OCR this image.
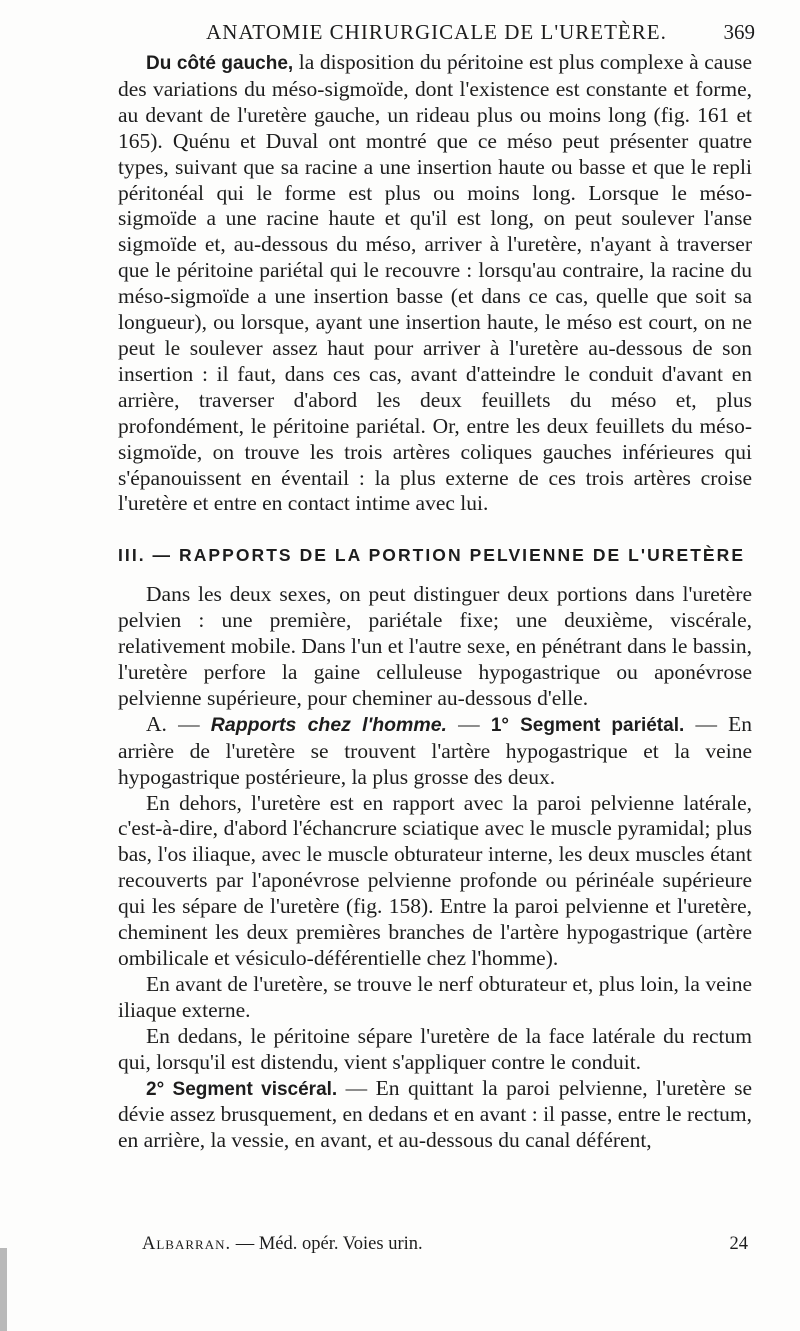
ANATOMIE CHIRURGICALE DE L'URETÈRE.	369

Du côté gauche, la disposition du péritoine est plus complexe à cause des variations du méso-sigmoïde, dont l'existence est constante et forme, au devant de l'uretère gauche, un rideau plus ou moins long (fig. 161 et 165). Quénu et Duval ont montré que ce méso peut présenter quatre types, suivant que sa racine a une insertion haute ou basse et que le repli péritonéal qui le forme est plus ou moins long. Lorsque le méso-sigmoïde a une racine haute et qu'il est long, on peut soulever l'anse sigmoïde et, au-dessous du méso, arriver à l'uretère, n'ayant à traverser que le péritoine pariétal qui le recouvre : lorsqu'au contraire, la racine du méso-sigmoïde a une insertion basse (et dans ce cas, quelle que soit sa longueur), ou lorsque, ayant une insertion haute, le méso est court, on ne peut le soulever assez haut pour arriver à l'uretère au-dessous de son insertion : il faut, dans ces cas, avant d'atteindre le conduit d'avant en arrière, traverser d'abord les deux feuillets du méso et, plus profondément, le péritoine pariétal. Or, entre les deux feuillets du méso-sigmoïde, on trouve les trois artères coliques gauches inférieures qui s'épanouissent en éventail : la plus externe de ces trois artères croise l'uretère et entre en contact intime avec lui.

III. — RAPPORTS DE LA PORTION PELVIENNE DE L'URETÈRE

Dans les deux sexes, on peut distinguer deux portions dans l'uretère pelvien : une première, pariétale fixe; une deuxième, viscérale, relativement mobile. Dans l'un et l'autre sexe, en pénétrant dans le bassin, l'uretère perfore la gaine celluleuse hypogastrique ou aponévrose pelvienne supérieure, pour cheminer au-dessous d'elle.

A. — Rapports chez l'homme. — 1° Segment pariétal. — En arrière de l'uretère se trouvent l'artère hypogastrique et la veine hypogastrique postérieure, la plus grosse des deux.

En dehors, l'uretère est en rapport avec la paroi pelvienne latérale, c'est-à-dire, d'abord l'échancrure sciatique avec le muscle pyramidal; plus bas, l'os iliaque, avec le muscle obturateur interne, les deux muscles étant recouverts par l'aponévrose pelvienne profonde ou périnéale supérieure qui les sépare de l'uretère (fig. 158). Entre la paroi pelvienne et l'uretère, cheminent les deux premières branches de l'artère hypogastrique (artère ombilicale et vésiculo-déférentielle chez l'homme).

En avant de l'uretère, se trouve le nerf obturateur et, plus loin, la veine iliaque externe.

En dedans, le péritoine sépare l'uretère de la face latérale du rectum qui, lorsqu'il est distendu, vient s'appliquer contre le conduit.

2° Segment viscéral. — En quittant la paroi pelvienne, l'uretère se dévie assez brusquement, en dedans et en avant : il passe, entre le rectum, en arrière, la vessie, en avant, et au-dessous du canal déférent,

Albarran. — Méd. opér. Voies urin.	24
